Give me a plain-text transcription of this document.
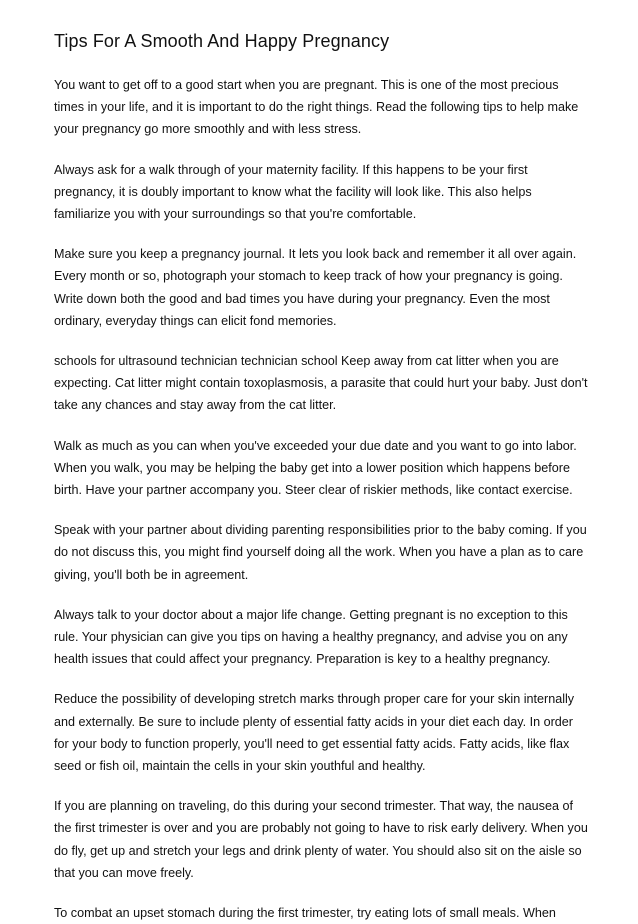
Tips For A Smooth And Happy Pregnancy

You want to get off to a good start when you are pregnant. This is one of the most precious times in your life, and it is important to do the right things. Read the following tips to help make your pregnancy go more smoothly and with less stress.

Always ask for a walk through of your maternity facility. If this happens to be your first pregnancy, it is doubly important to know what the facility will look like. This also helps familiarize you with your surroundings so that you're comfortable.

Make sure you keep a pregnancy journal. It lets you look back and remember it all over again. Every month or so, photograph your stomach to keep track of how your pregnancy is going. Write down both the good and bad times you have during your pregnancy. Even the most ordinary, everyday things can elicit fond memories.

schools for ultrasound technician technician school Keep away from cat litter when you are expecting. Cat litter might contain toxoplasmosis, a parasite that could hurt your baby. Just don't take any chances and stay away from the cat litter.

Walk as much as you can when you've exceeded your due date and you want to go into labor. When you walk, you may be helping the baby get into a lower position which happens before birth. Have your partner accompany you. Steer clear of riskier methods, like contact exercise.

Speak with your partner about dividing parenting responsibilities prior to the baby coming. If you do not discuss this, you might find yourself doing all the work. When you have a plan as to care giving, you'll both be in agreement.

Always talk to your doctor about a major life change. Getting pregnant is no exception to this rule. Your physician can give you tips on having a healthy pregnancy, and advise you on any health issues that could affect your pregnancy. Preparation is key to a healthy pregnancy.

Reduce the possibility of developing stretch marks through proper care for your skin internally and externally. Be sure to include plenty of essential fatty acids in your diet each day. In order for your body to function properly, you'll need to get essential fatty acids. Fatty acids, like flax seed or fish oil, maintain the cells in your skin youthful and healthy.

If you are planning on traveling, do this during your second trimester. That way, the nausea of the first trimester is over and you are probably not going to have to risk early delivery. When you do fly, get up and stretch your legs and drink plenty of water. You should also sit on the aisle so that you can move freely.

To combat an upset stomach during the first trimester, try eating lots of small meals. When
